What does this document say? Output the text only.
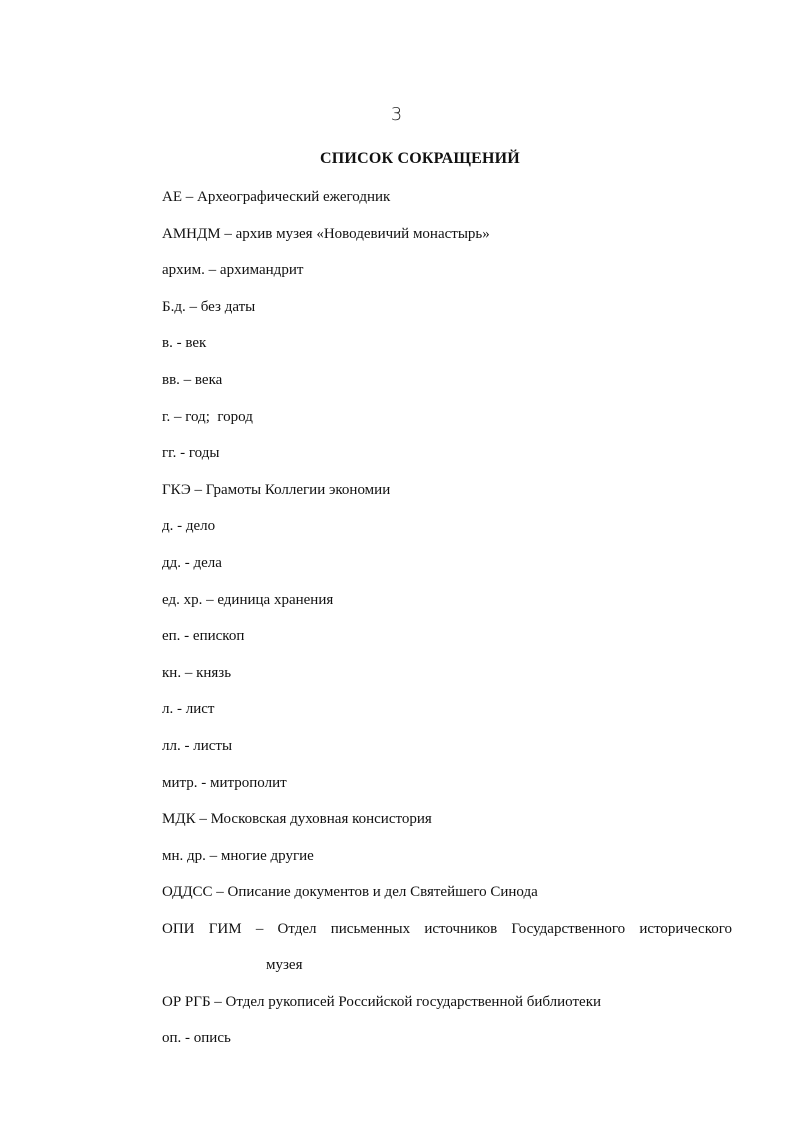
3
СПИСОК СОКРАЩЕНИЙ
АЕ – Археографический ежегодник
АМНДМ – архив музея «Новодевичий монастырь»
архим. – архимандрит
Б.д. – без даты
в. - век
вв. – века
г. – год;  город
гг. - годы
ГКЭ – Грамоты Коллегии экономии
д. - дело
дд. - дела
ед. хр. – единица хранения
еп. - епископ
кн. – князь
л. - лист
лл. - листы
митр. - митрополит
МДК – Московская духовная консистория
мн. др. – многие другие
ОДДСС – Описание документов и дел Святейшего Синода
ОПИ ГИМ – Отдел письменных источников Государственного исторического
музея
ОР РГБ – Отдел рукописей Российской государственной библиотеки
оп. - опись
